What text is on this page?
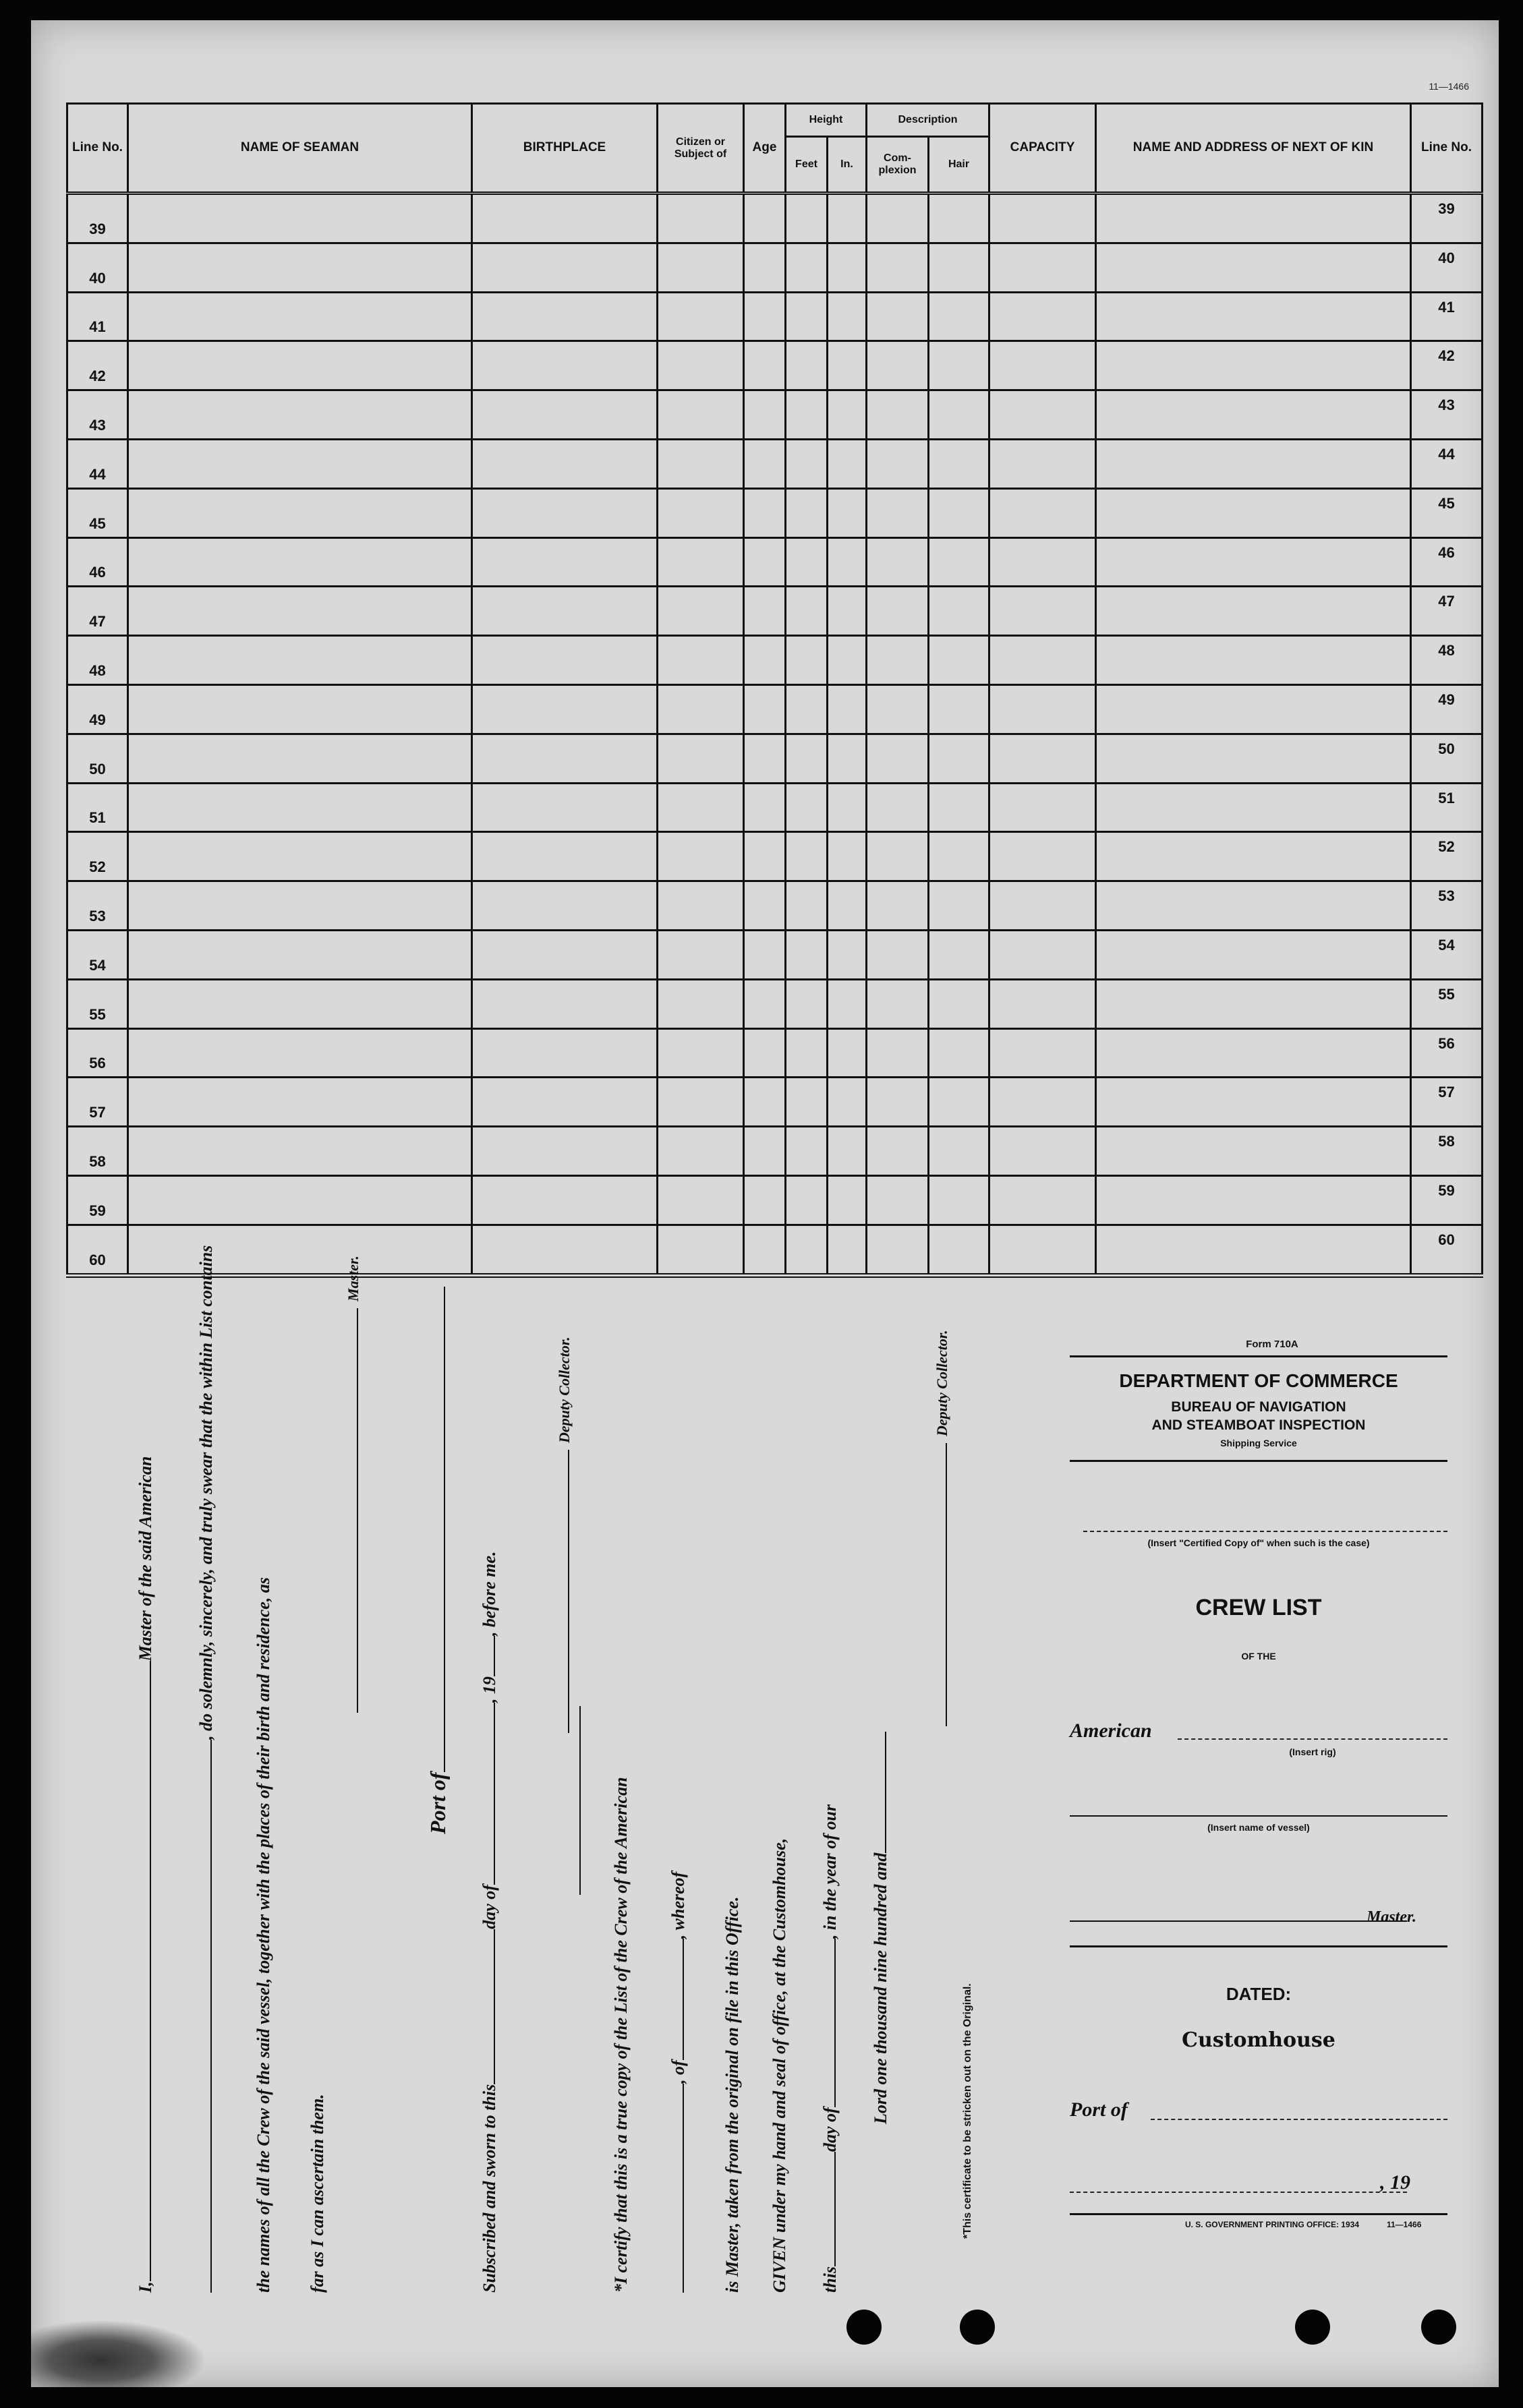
11—1466
Line No.	NAME OF SEAMAN	BIRTHPLACE	Citizen or Subject of	Age	Height		Description		CAPACITY	NAME AND ADDRESS OF NEXT OF KIN	Line No.
					Feet	In.	Com-plexion	Hair			
39											39
40											40
41											41
42											42
43											43
44											44
45											45
46											46
47											47
48											48
49											49
50											50
51											51
52											52
53											53
54											54
55											55
56											56
57											57
58											58
59											59
60											60
I,Master of the said American , do solemnly, sincerely, and truly swear that the within List contains
the names of all the Crew of the said vessel, together with the places of their birth and residence, as far as I can ascertain them.
Master.
Port of
Subscribed and sworn to thisday of, 19, before me.
Deputy Collector.
*I certify that this is a true copy of the List of the Crew of the American , of, whereof is Master, taken from the original on file in this Office. GIVEN under my hand and seal of office, at the Customhouse, thisday of, in the year of our Lord one thousand nine hundred and
Deputy Collector.
*This certificate to be stricken out on the Original.
Form 710A
DEPARTMENT OF COMMERCE
BUREAU OF NAVIGATION
AND STEAMBOAT INSPECTION
Shipping Service
(Insert "Certified Copy of" when such is the case)
CREW LIST
OF THE
American
(Insert rig)
(Insert name of vessel)
Master.
DATED:
Customhouse
Port of
, 19
U. S. GOVERNMENT PRINTING OFFICE: 1934	11—1466
